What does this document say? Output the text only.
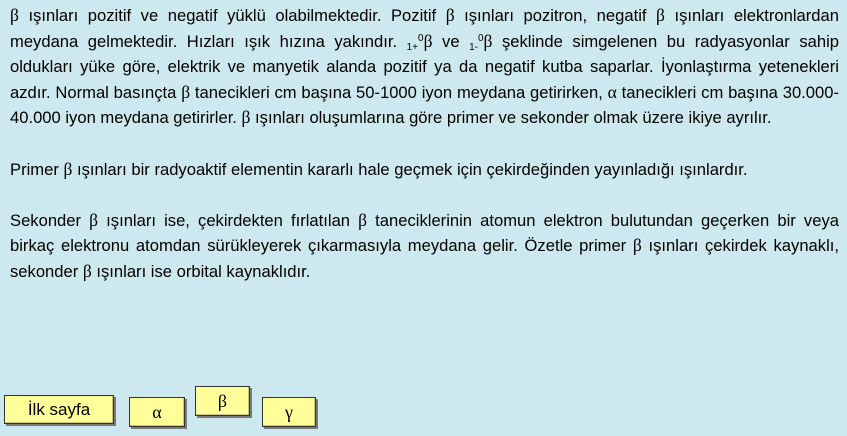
β ışınları pozitif ve negatif yüklü olabilmektedir. Pozitif β ışınları pozitron, negatif β ışınları elektronlardan meydana gelmektedir. Hızları ışık hızına yakındır. $_{1+}^0$β ve $_{1-}^0$β şeklinde simgelenen bu radyasyonlar sahip oldukları yüke göre, elektrik ve manyetik alanda pozitif ya da negatif kutba saparlar. İyonlaştırma yetenekleri azdır. Normal basınçta β tanecikleri cm başına 50-1000 iyon meydana getirirken, α tanecikleri cm başına 30.000-40.000 iyon meydana getirirler. β ışınları oluşumlarına göre primer ve sekonder olmak üzere ikiye ayrılır.

Primer β ışınları bir radyoaktif elementin kararlı hale geçmek için çekirdeğinden yayınladığı ışınlardır.

Sekonder β ışınları ise, çekirdekten fırlatılan β taneciklerinin atomun elektron bulutundan geçerken bir veya birkaç elektronu atomdan sürükleyerek çıkarmasıyla meydana gelir. Özetle primer β ışınları çekirdek kaynaklı, sekonder β ışınları ise orbital kaynaklıdır.

İlk sayfa	α
β
γ
